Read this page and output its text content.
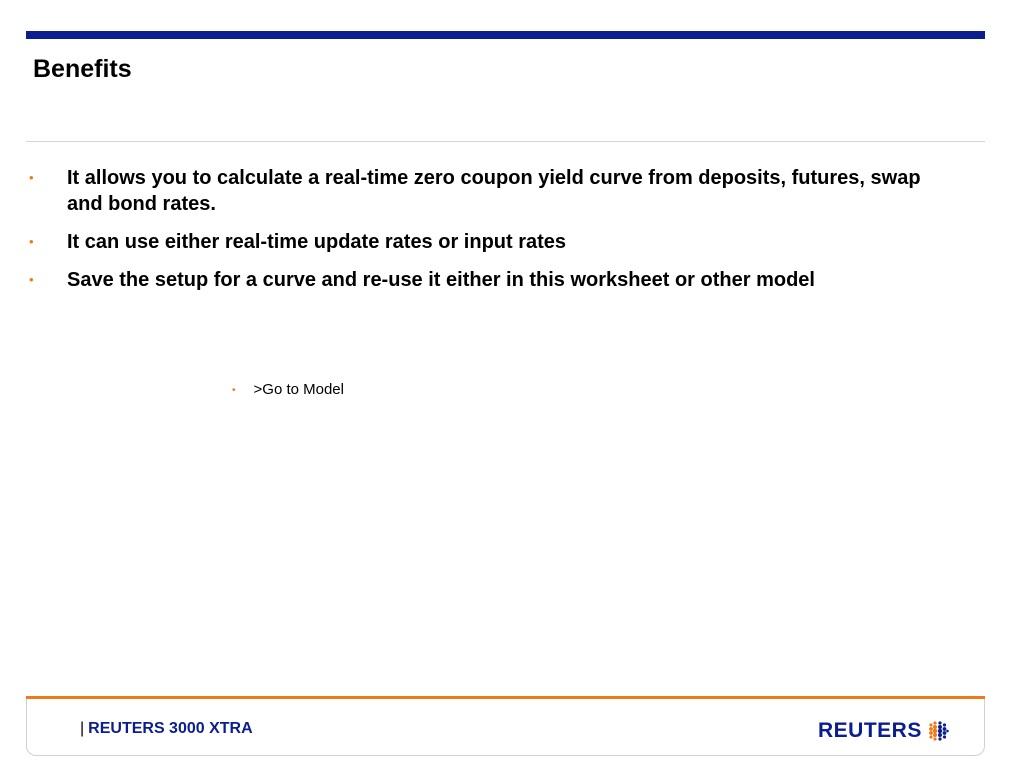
Benefits
• It allows you to calculate a real-time zero coupon yield curve from deposits, futures, swap and bond rates.
• It can use either real-time update rates or input rates
• Save the setup for a curve and re-use it either in this worksheet or other model
• >Go to Model
| REUTERS 3000 XTRA	REUTERS
